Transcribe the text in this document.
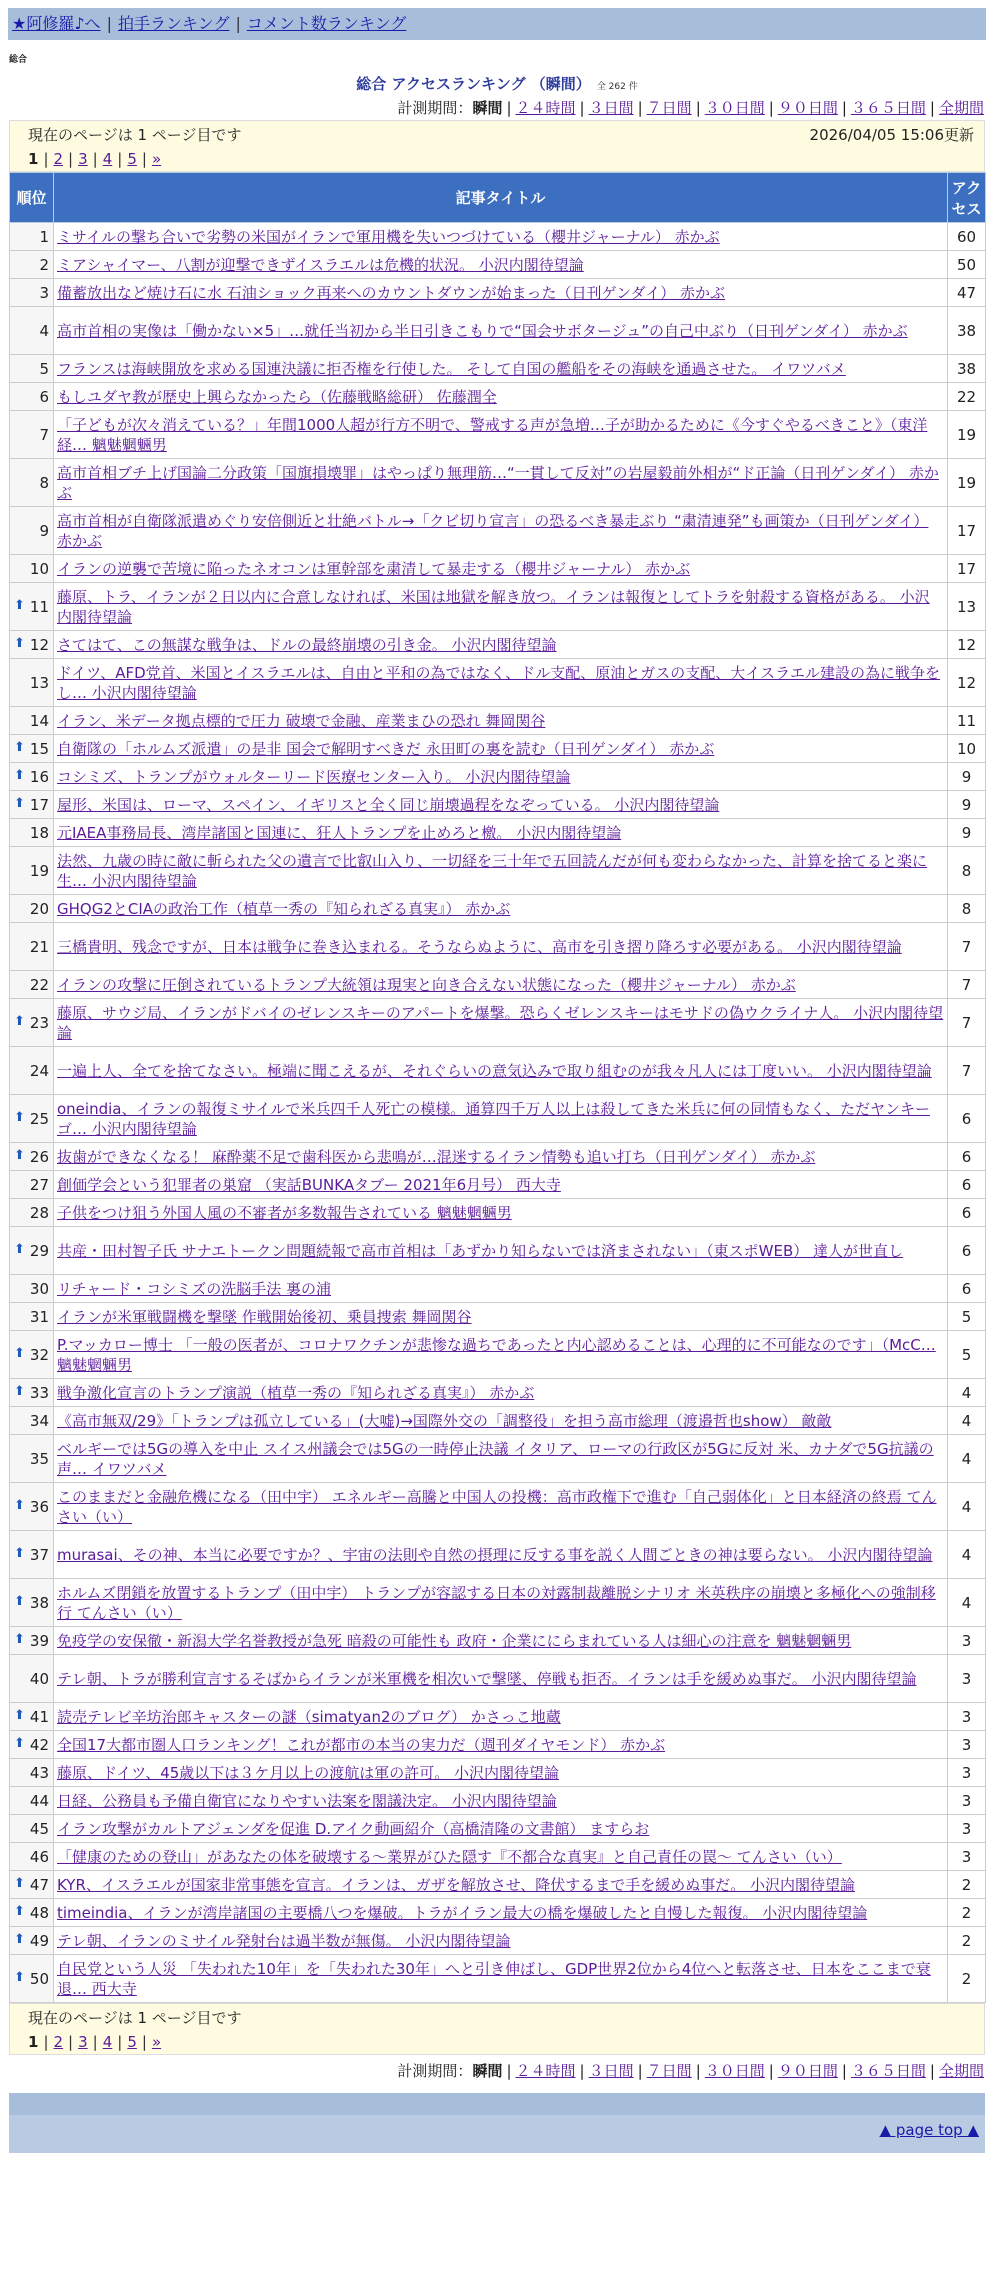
★阿修羅♪へ | 拍手ランキング | コメント数ランキング
総合
総合 アクセスランキング （瞬間） 全 262 件
計測期間：瞬間 | ２４時間 | ３日間 | ７日間 | ３０日間 | ９０日間 | ３６５日間 | 全期間
現在のページは 1 ページ目です	2026/04/05 15:06更新
1 | 2 | 3 | 4 | 5 | »
順位	記事タイトル	アクセス
1	ミサイルの撃ち合いで劣勢の米国がイランで軍用機を失いつづけている（櫻井ジャーナル） 赤かぶ	60
2	ミアシャイマー、八割が迎撃できずイスラエルは危機的状況。 小沢内閣待望論	50
3	備蓄放出など焼け石に水 石油ショック再来へのカウントダウンが始まった（日刊ゲンダイ） 赤かぶ	47
4	高市首相の実像は「働かない×5」…就任当初から半日引きこもりで“国会サボタージュ”の自己中ぶり（日刊ゲンダイ） 赤かぶ	38
5	フランスは海峡開放を求める国連決議に拒否権を行使した。 そして自国の艦船をその海峡を通過させた。 イワツバメ	38
6	もしユダヤ教が歴史上興らなかったら（佐藤戦略総研） 佐藤潤全	22
7	「子どもが次々消えている？」年間1000人超が行方不明で、警戒する声が急増…子が助かるために《今すぐやるべきこと》（東洋経… 魑魅魍魎男	19
8	高市首相ブチ上げ国論二分政策「国旗損壊罪」はやっぱり無理筋…“一貫して反対”の岩屋毅前外相が“ド正論（日刊ゲンダイ） 赤かぶ	19
9	高市首相が自衛隊派遣めぐり安倍側近と壮絶バトル→「クビ切り宣言」の恐るべき暴走ぶり “粛清連発”も画策か（日刊ゲンダイ） 赤かぶ	17
10	イランの逆襲で苦境に陥ったネオコンは軍幹部を粛清して暴走する（櫻井ジャーナル） 赤かぶ	17

⬆ 11	藤原、トラ、イランが２日以内に合意しなければ、米国は地獄を解き放つ。イランは報復としてトラを射殺する資格がある。 小沢内閣待望論	13

⬆ 12	さてはて、この無謀な戦争は、ドルの最終崩壊の引き金。 小沢内閣待望論	12
13	ドイツ、AFD党首、米国とイスラエルは、自由と平和の為ではなく、ドル支配、原油とガスの支配、大イスラエル建設の為に戦争をし… 小沢内閣待望論	12
14	イラン、米データ拠点標的で圧力 破壊で金融、産業まひの恐れ 舞岡関谷	11

⬆ 15	自衛隊の「ホルムズ派遣」の是非 国会で解明すべきだ 永田町の裏を読む（日刊ゲンダイ） 赤かぶ	10

⬆ 16	コシミズ、トランプがウォルターリード医療センター入り。 小沢内閣待望論	9

⬆ 17	屋形、米国は、ローマ、スペイン、イギリスと全く同じ崩壊過程をなぞっている。 小沢内閣待望論	9
18	元IAEA事務局長、湾岸諸国と国連に、狂人トランプを止めろと檄。 小沢内閣待望論	9
19	法然、九歳の時に敵に斬られた父の遺言で比叡山入り、一切経を三十年で五回読んだが何も変わらなかった、計算を捨てると楽に生… 小沢内閣待望論	8
20	GHQG2とCIAの政治工作（植草一秀の『知られざる真実』） 赤かぶ	8
21	三橋貴明、残念ですが、日本は戦争に巻き込まれる。そうならぬように、高市を引き摺り降ろす必要がある。 小沢内閣待望論	7
22	イランの攻撃に圧倒されているトランプ大統領は現実と向き合えない状態になった（櫻井ジャーナル） 赤かぶ	7

⬆ 23	藤原、サウジ局、イランがドバイのゼレンスキーのアパートを爆撃。恐らくゼレンスキーはモサドの偽ウクライナ人。 小沢内閣待望論	7
24	一遍上人、全てを捨てなさい。極端に聞こえるが、それぐらいの意気込みで取り組むのが我々凡人には丁度いい。 小沢内閣待望論	7

⬆ 25	oneindia、イランの報復ミサイルで米兵四千人死亡の模様。通算四千万人以上は殺してきた米兵に何の同情もなく、ただヤンキーゴ… 小沢内閣待望論	6

⬆ 26	抜歯ができなくなる！ 麻酔薬不足で歯科医から悲鳴が…混迷するイラン情勢も追い打ち（日刊ゲンダイ） 赤かぶ	6
27	創価学会という犯罪者の巣窟 （実話BUNKAタブー 2021年6月号） 西大寺	6
28	子供をつけ狙う外国人風の不審者が多数報告されている 魑魅魍魎男	6

⬆ 29	共産・田村智子氏 サナエトークン問題続報で高市首相は「あずかり知らないでは済まされない」（東スポWEB） 達人が世直し	6
30	リチャード・コシミズの洗脳手法 裏の浦	6
31	イランが米軍戦闘機を撃墜 作戦開始後初、乗員捜索 舞岡関谷	5

⬆ 32	P.マッカロー博士 「一般の医者が、コロナワクチンが悲惨な過ちであったと内心認めることは、心理的に不可能なのです」（McC… 魑魅魍魎男	5

⬆ 33	戦争激化宣言のトランプ演説（植草一秀の『知られざる真実』） 赤かぶ	4
34	《高市無双/29》「トランプは孤立している」(大嘘)→国際外交の「調整役」を担う高市総理（渡邉哲也show） 敵敵	4
35	ベルギーでは5Gの導入を中止 スイス州議会では5Gの一時停止決議 イタリア、ローマの行政区が5Gに反対 米、カナダで5G抗議の声… イワツバメ	4

⬆ 36	このままだと金融危機になる（田中宇） エネルギー高騰と中国人の投機：高市政権下で進む「自己弱体化」と日本経済の終焉 てんさい（い）	4

⬆ 37	murasai、その神、本当に必要ですか？、宇宙の法則や自然の摂理に反する事を説く人間ごときの神は要らない。 小沢内閣待望論	4

⬆ 38	ホルムズ閉鎖を放置するトランプ（田中宇） トランプが容認する日本の対露制裁離脱シナリオ 米英秩序の崩壊と多極化への強制移行 てんさい（い）	4

⬆ 39	免疫学の安保徹・新潟大学名誉教授が急死 暗殺の可能性も 政府・企業ににらまれている人は細心の注意を 魑魅魍魎男	3
40	テレ朝、トラが勝利宣言するそばからイランが米軍機を相次いで撃墜、停戦も拒否。イランは手を緩めぬ事だ。 小沢内閣待望論	3

⬆ 41	読売テレビ辛坊治郎キャスターの謎（simatyan2のブログ） かさっこ地蔵	3

⬆ 42	全国17大都市圏人口ランキング！これが都市の本当の実力だ（週刊ダイヤモンド） 赤かぶ	3
43	藤原、ドイツ、45歳以下は３ケ月以上の渡航は軍の許可。 小沢内閣待望論	3
44	日経、公務員も予備自衛官になりやすい法案を閣議決定。 小沢内閣待望論	3
45	イラン攻撃がカルトアジェンダを促進 D.アイク動画紹介（高橋清隆の文書館） ますらお	3
46	「健康のための登山」があなたの体を破壊する〜業界がひた隠す『不都合な真実』と自己責任の罠〜 てんさい（い）	3

⬆ 47	KYR、イスラエルが国家非常事態を宣言。イランは、ガザを解放させ、降伏するまで手を緩めぬ事だ。 小沢内閣待望論	2

⬆ 48	timeindia、イランが湾岸諸国の主要橋八つを爆破。トラがイラン最大の橋を爆破したと自慢した報復。 小沢内閣待望論	2

⬆ 49	テレ朝、イランのミサイル発射台は過半数が無傷。 小沢内閣待望論	2

⬆ 50	自民党という人災 「失われた10年」を「失われた30年」へと引き伸ばし、GDP世界2位から4位へと転落させ、日本をここまで衰退… 西大寺	2
現在のページは 1 ページ目です
1 | 2 | 3 | 4 | 5 | »
計測期間：瞬間 | ２４時間 | ３日間 | ７日間 | ３０日間 | ９０日間 | ３６５日間 | 全期間
▲ page top ▲
